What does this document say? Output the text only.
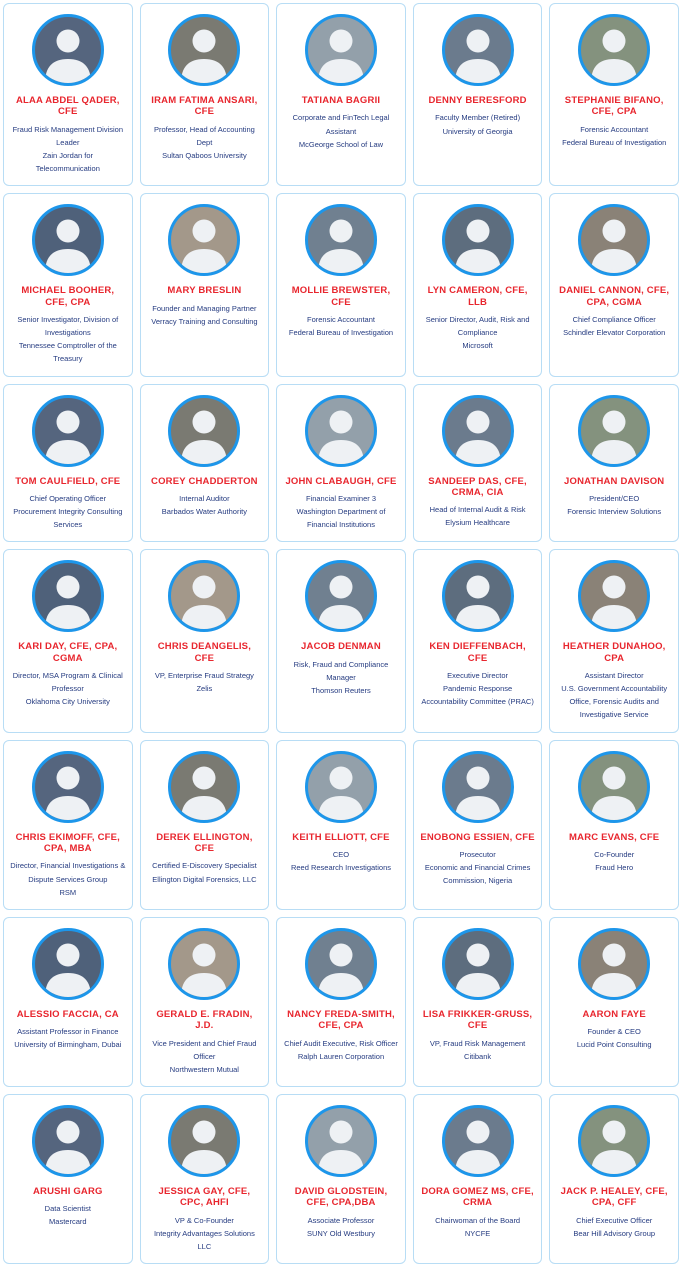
ALAA ABDEL QADER, CFE
Fraud Risk Management Division Leader
Zain Jordan for Telecommunication
IRAM FATIMA ANSARI, CFE
Professor, Head of Accounting Dept
Sultan Qaboos University
TATIANA BAGRII
Corporate and FinTech Legal Assistant
McGeorge School of Law
DENNY BERESFORD
Faculty Member (Retired)
University of Georgia
STEPHANIE BIFANO, CFE, CPA
Forensic Accountant
Federal Bureau of Investigation
MICHAEL BOOHER, CFE, CPA
Senior Investigator, Division of Investigations
Tennessee Comptroller of the Treasury
MARY BRESLIN
Founder and Managing Partner
Verracy Training and Consulting
MOLLIE BREWSTER, CFE
Forensic Accountant
Federal Bureau of Investigation
LYN CAMERON, CFE, LLB
Senior Director, Audit, Risk and Compliance
Microsoft
DANIEL CANNON, CFE, CPA, CGMA
Chief Compliance Officer
Schindler Elevator Corporation
TOM CAULFIELD, CFE
Chief Operating Officer
Procurement Integrity Consulting Services
COREY CHADDERTON
Internal Auditor
Barbados Water Authority
JOHN CLABAUGH, CFE
Financial Examiner 3
Washington Department of Financial Institutions
SANDEEP DAS, CFE, CRMA, CIA
Head of Internal Audit & Risk
Elysium Healthcare
JONATHAN DAVISON
President/CEO
Forensic Interview Solutions
KARI DAY, CFE, CPA, CGMA
Director, MSA Program & Clinical Professor
Oklahoma City University
CHRIS DEANGELIS, CFE
VP, Enterprise Fraud Strategy
Zelis
JACOB DENMAN
Risk, Fraud and Compliance Manager
Thomson Reuters
KEN DIEFFENBACH, CFE
Executive Director
Pandemic Response Accountability Committee (PRAC)
HEATHER DUNAHOO, CPA
Assistant Director
U.S. Government Accountability Office, Forensic Audits and Investigative Service
CHRIS EKIMOFF, CFE, CPA, MBA
Director, Financial Investigations & Dispute Services Group
RSM
DEREK ELLINGTON, CFE
Certified E-Discovery Specialist
Ellington Digital Forensics, LLC
KEITH ELLIOTT, CFE
CEO
Reed Research Investigations
ENOBONG ESSIEN, CFE
Prosecutor
Economic and Financial Crimes Commission, Nigeria
MARC EVANS, CFE
Co-Founder
Fraud Hero
ALESSIO FACCIA, CA
Assistant Professor in Finance
University of Birmingham, Dubai
GERALD E. FRADIN, J.D.
Vice President and Chief Fraud Officer
Northwestern Mutual
NANCY FREDA-SMITH, CFE, CPA
Chief Audit Executive, Risk Officer
Ralph Lauren Corporation
LISA FRIKKER-GRUSS, CFE
VP, Fraud Risk Management
Citibank
AARON FAYE
Founder & CEO
Lucid Point Consulting
ARUSHI GARG
Data Scientist
Mastercard
JESSICA GAY, CFE, CPC, AHFI
VP & Co-Founder
Integrity Advantages Solutions LLC
DAVID GLODSTEIN, CFE, CPA,DBA
Associate Professor
SUNY Old Westbury
DORA GOMEZ MS, CFE, CRMA
Chairwoman of the Board
NYCFE
JACK P. HEALEY, CFE, CPA, CFF
Chief Executive Officer
Bear Hill Advisory Group
